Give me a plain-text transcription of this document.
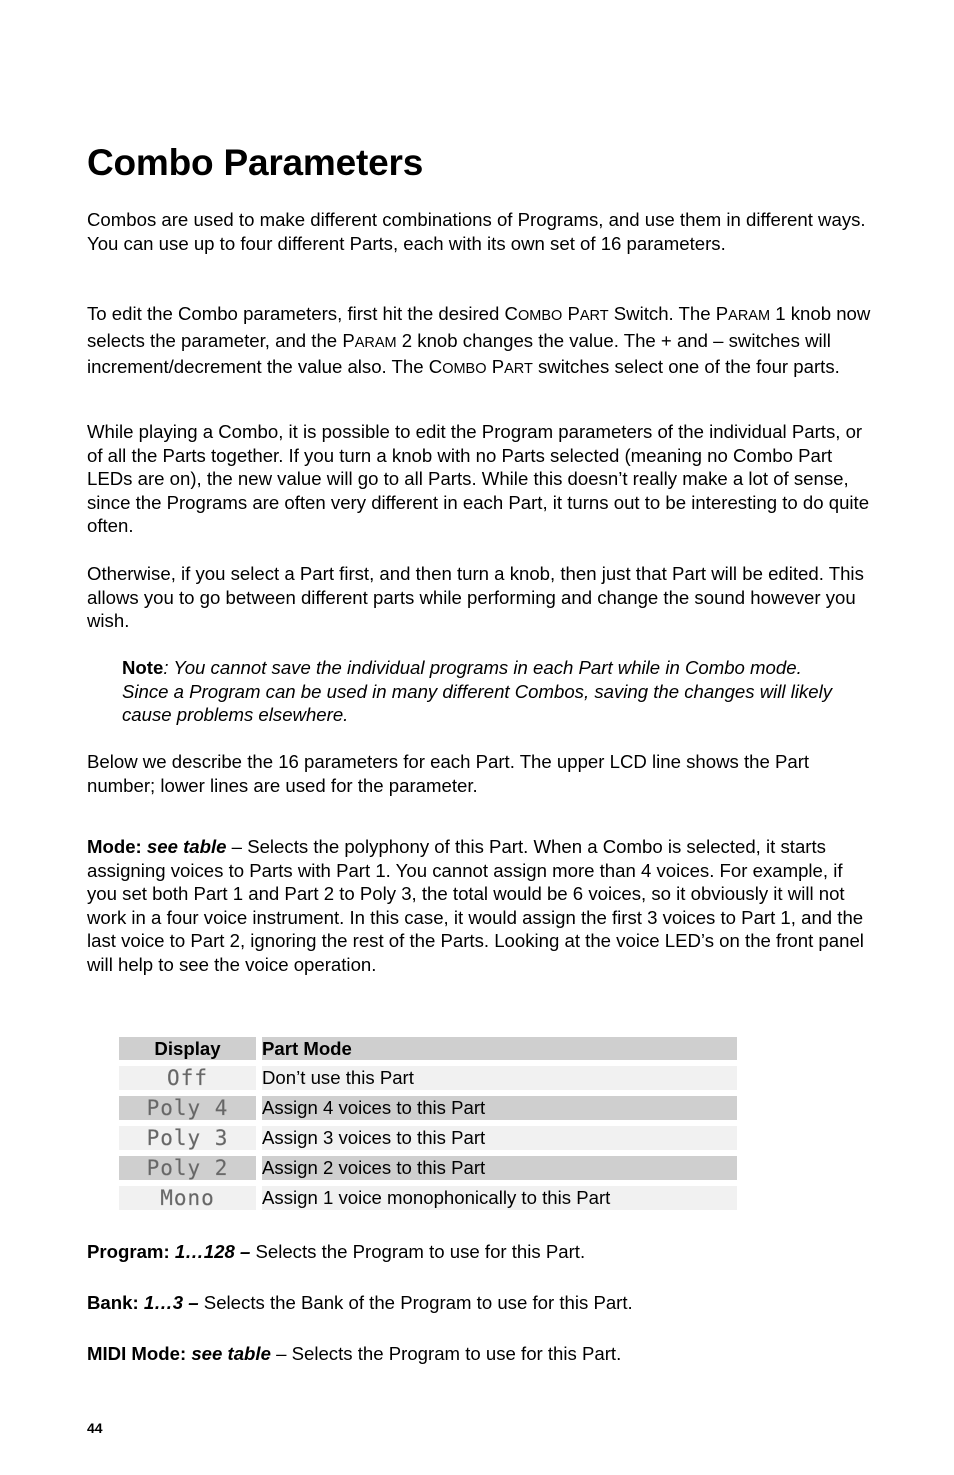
Combo Parameters

Combos are used to make different combinations of Programs, and use them in different ways. You can use up to four different Parts, each with its own set of 16 parameters.

To edit the Combo parameters, first hit the desired COMBO PART Switch. The PARAM 1 knob now selects the parameter, and the PARAM 2 knob changes the value. The + and – switches will increment/decrement the value also. The COMBO PART switches select one of the four parts.

While playing a Combo, it is possible to edit the Program parameters of the individual Parts, or of all the Parts together. If you turn a knob with no Parts selected (meaning no Combo Part LEDs are on), the new value will go to all Parts. While this doesn’t really make a lot of sense, since the Programs are often very different in each Part, it turns out to be interesting to do quite often.

Otherwise, if you select a Part first, and then turn a knob, then just that Part will be edited. This allows you to go between different parts while performing and change the sound however you wish.

Note: You cannot save the individual programs in each Part while in Combo mode. Since a Program can be used in many different Combos, saving the changes will likely cause problems elsewhere.

Below we describe the 16 parameters for each Part. The upper LCD line shows the Part number; lower lines are used for the parameter.

Mode: see table – Selects the polyphony of this Part. When a Combo is selected, it starts assigning voices to Parts with Part 1. You cannot assign more than 4 voices. For example, if you set both Part 1 and Part 2 to Poly 3, the total would be 6 voices, so it obviously it will not work in a four voice instrument. In this case, it would assign the first 3 voices to Part 1, and the last voice to Part 2, ignoring the rest of the Parts. Looking at the voice LED’s on the front panel will help to see the voice operation.

Display	Part Mode
Off	Don’t use this Part
Poly 4	Assign 4 voices to this Part
Poly 3	Assign 3 voices to this Part
Poly 2	Assign 2 voices to this Part
Mono	Assign 1 voice monophonically to this Part

Program: 1…128 – Selects the Program to use for this Part.

Bank: 1…3 – Selects the Bank of the Program to use for this Part.

MIDI Mode: see table – Selects the Program to use for this Part.

44
